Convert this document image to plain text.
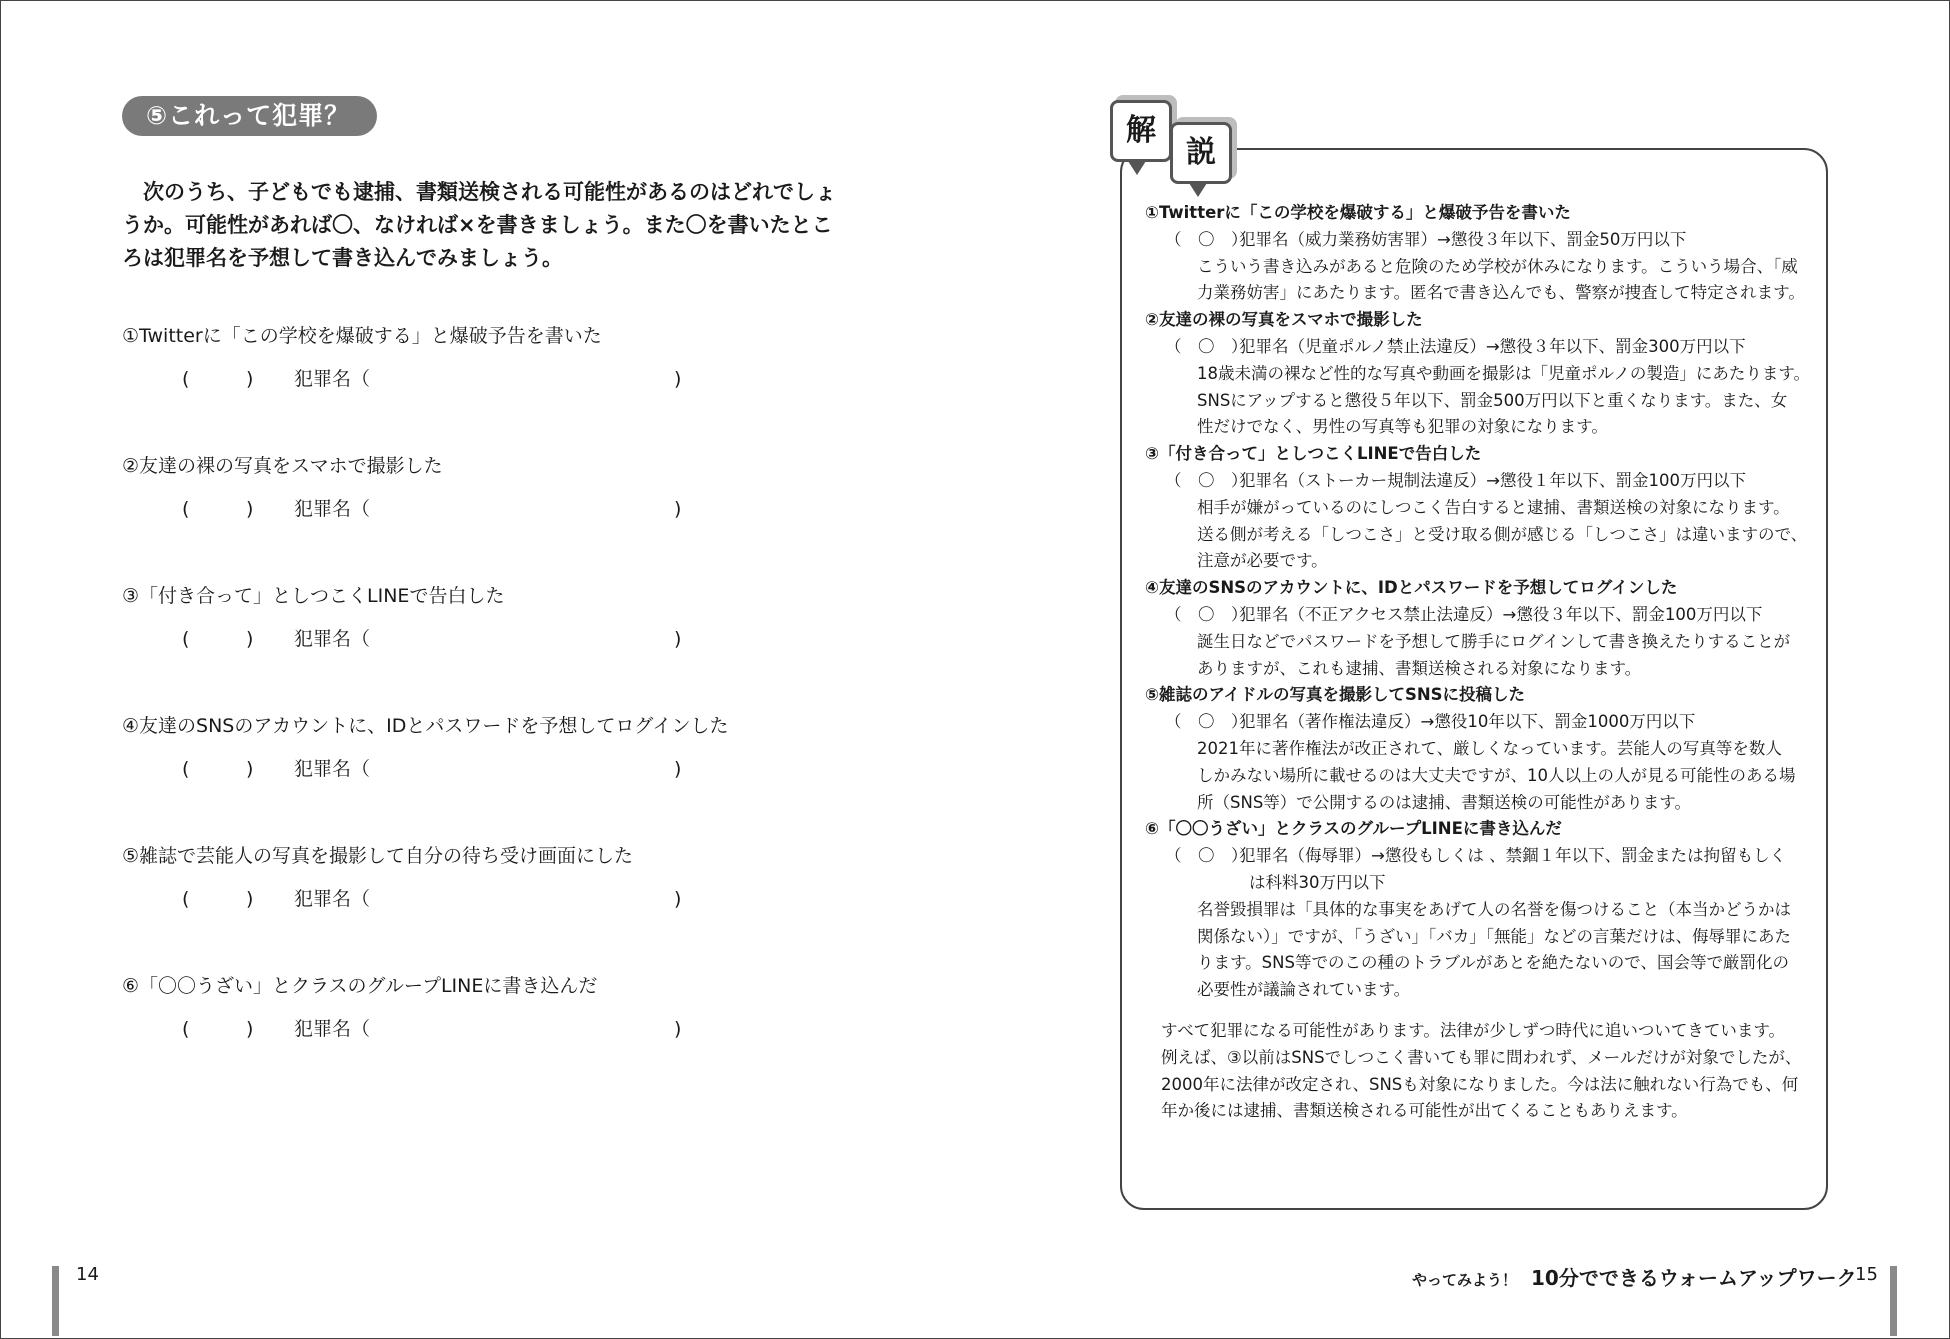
⑤これって犯罪？
次のうち、子どもでも逮捕、書類送検される可能性があるのはどれでしょうか。可能性があれば〇、なければ×を書きましょう。また〇を書いたところは犯罪名を予想して書き込んでみましょう。
①Twitterに「この学校を爆破する」と爆破予告を書いた
(	) 犯罪名（	)
②友達の裸の写真をスマホで撮影した
(	) 犯罪名（	)
③「付き合って」としつこくLINEで告白した
(	) 犯罪名（	)
④友達のSNSのアカウントに、IDとパスワードを予想してログインした
(	) 犯罪名（	)
⑤雑誌で芸能人の写真を撮影して自分の待ち受け画面にした
(	) 犯罪名（	)
⑥「〇〇うざい」とクラスのグループLINEに書き込んだ
(	) 犯罪名（	)
解
説
①Twitterに「この学校を爆破する」と爆破予告を書いた
（　〇　）犯罪名（威力業務妨害罪）→懲役３年以下、罰金50万円以下
こういう書き込みがあると危険のため学校が休みになります。こういう場合、「威
力業務妨害」にあたります。匿名で書き込んでも、警察が捜査して特定されます。
②友達の裸の写真をスマホで撮影した
（　〇　）犯罪名（児童ポルノ禁止法違反）→懲役３年以下、罰金300万円以下
18歳未満の裸など性的な写真や動画を撮影は「児童ポルノの製造」にあたります。
SNSにアップすると懲役５年以下、罰金500万円以下と重くなります。また、女
性だけでなく、男性の写真等も犯罪の対象になります。
③「付き合って」としつこくLINEで告白した
（　〇　）犯罪名（ストーカー規制法違反）→懲役１年以下、罰金100万円以下
相手が嫌がっているのにしつこく告白すると逮捕、書類送検の対象になります。
送る側が考える「しつこさ」と受け取る側が感じる「しつこさ」は違いますので、
注意が必要です。
④友達のSNSのアカウントに、IDとパスワードを予想してログインした
（　〇　）犯罪名（不正アクセス禁止法違反）→懲役３年以下、罰金100万円以下
誕生日などでパスワードを予想して勝手にログインして書き換えたりすることが
ありますが、これも逮捕、書類送検される対象になります。
⑤雑誌のアイドルの写真を撮影してSNSに投稿した
（　〇　）犯罪名（著作権法違反）→懲役10年以下、罰金1000万円以下
2021年に著作権法が改正されて、厳しくなっています。芸能人の写真等を数人
しかみない場所に載せるのは大丈夫ですが、10人以上の人が見る可能性のある場
所（SNS等）で公開するのは逮捕、書類送検の可能性があります。
⑥「〇〇うざい」とクラスのグループLINEに書き込んだ
（　〇　）犯罪名（侮辱罪）→懲役もしくは 、禁錮１年以下、罰金または拘留もしく
は科料30万円以下
名誉毀損罪は「具体的な事実をあげて人の名誉を傷つけること（本当かどうかは
関係ない）」ですが、「うざい」「バカ」「無能」などの言葉だけは、侮辱罪にあた
ります。SNS等でのこの種のトラブルがあとを絶たないので、国会等で厳罰化の
必要性が議論されています。
すべて犯罪になる可能性があります。法律が少しずつ時代に追いついてきています。
例えば、③以前はSNSでしつこく書いても罪に問われず、メールだけが対象でしたが、
2000年に法律が改定され、SNSも対象になりました。今は法に触れない行為でも、何
年か後には逮捕、書類送検される可能性が出てくることもありえます。
14	やってみよう！ 10分でできるウォームアップワーク
15
